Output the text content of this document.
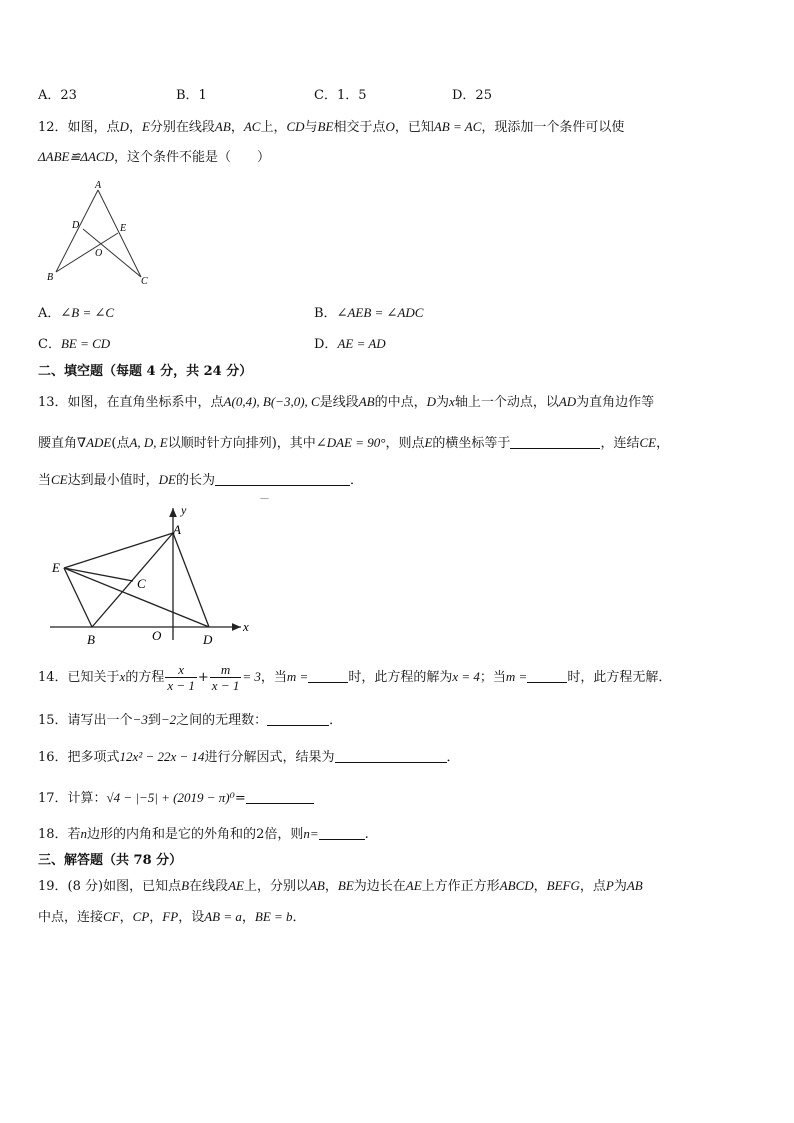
A．23	B．1	C．1．5	D．25
12．如图，点D，E分别在线段AB，AC上，CD与BE相交于点O，已知AB = AC，现添加一个条件可以使
ΔABE≌ΔACD，这个条件不能是（　　）
A
D	E
O
B	C
A．∠B = ∠C	B．∠AEB = ∠ADC
C．BE = CD	D．AE = AD
二、填空题（每题 4 分，共 24 分）
13．如图，在直角坐标系中，点A(0,4), B(−3,0), C是线段AB的中点，D为x轴上一个动点，以AD为直角边作等
腰直角∇ADE(点A, D, E以顺时针方向排列)，其中∠DAE = 90°，则点E的横坐标等于	，连结CE，
当CE达到最小值时，DE的长为	．
—
y
A
E
C
B	O	D
x
14．已知关于x的方程 $\frac{x}{x - 1} + \frac{m}{x - 1} = 3$，当m =	时，此方程的解为x = 4；当m =	时，此方程无解．
15．请写出一个−3到−2之间的无理数：	．
16．把多项式12x² − 22x − 14进行分解因式，结果为	．
17．计算：√4 − |−5| + (2019 − π)⁰=
18．若n边形的内角和是它的外角和的2倍，则n=	.
三、解答题（共 78 分）
19．(8 分)如图，已知点B在线段AE上，分别以AB，BE为边长在AE上方作正方形ABCD，BEFG，点P为AB
中点，连接CF，CP，FP，设AB = a，BE = b．
